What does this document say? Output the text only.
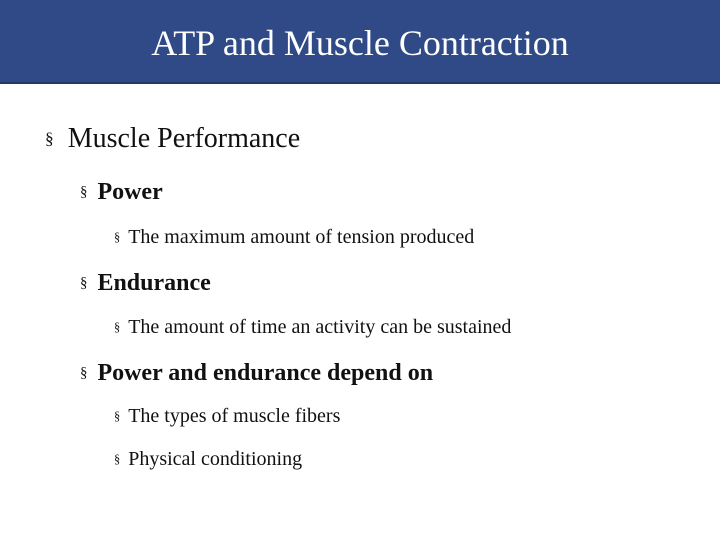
ATP and Muscle Contraction
§ Muscle Performance
§ Power
§ The maximum amount of tension produced
§ Endurance
§ The amount of time an activity can be sustained
§ Power and endurance depend on
§ The types of muscle fibers
§ Physical conditioning
